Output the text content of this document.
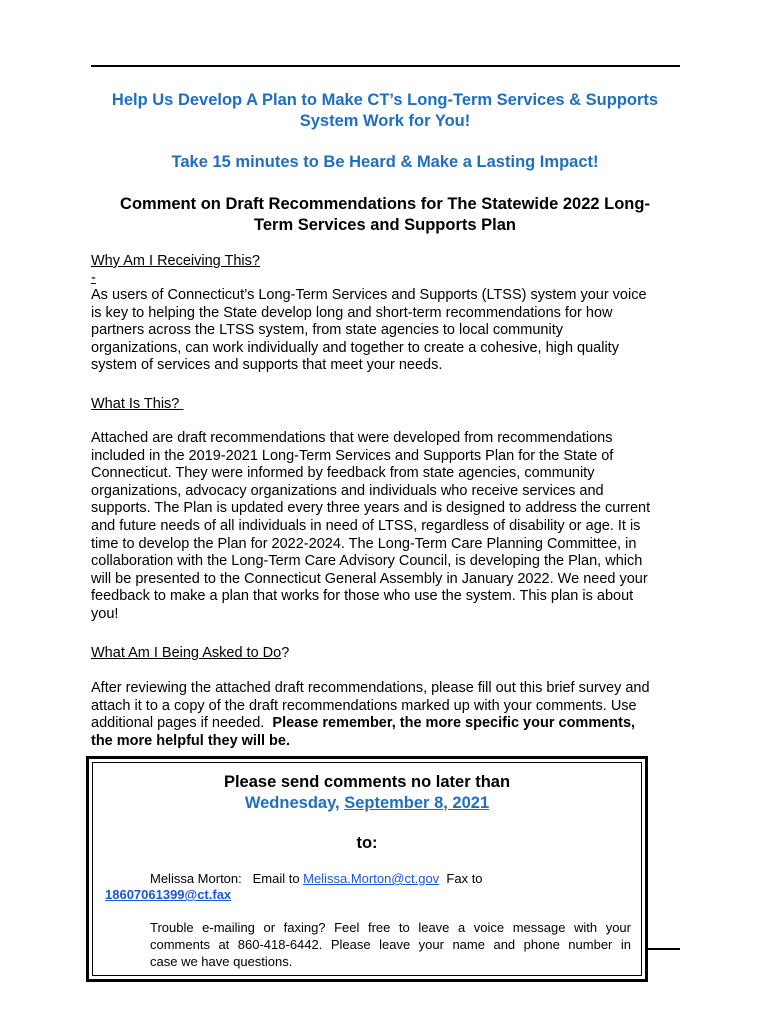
Help Us Develop A Plan to Make CT’s Long-Term Services & Supports
System Work for You!
Take 15 minutes to Be Heard & Make a Lasting Impact!
Comment on Draft Recommendations for The Statewide 2022 Long-
Term Services and Supports Plan
Why Am I Receiving This?
-
As users of Connecticut’s Long-Term Services and Supports (LTSS) system your voice
is key to helping the State develop long and short-term recommendations for how
partners across the LTSS system, from state agencies to local community
organizations, can work individually and together to create a cohesive, high quality
system of services and supports that meet your needs.
What Is This?
Attached are draft recommendations that were developed from recommendations
included in the 2019-2021 Long-Term Services and Supports Plan for the State of
Connecticut. They were informed by feedback from state agencies, community
organizations, advocacy organizations and individuals who receive services and
supports. The Plan is updated every three years and is designed to address the current
and future needs of all individuals in need of LTSS, regardless of disability or age. It is
time to develop the Plan for 2022-2024. The Long-Term Care Planning Committee, in
collaboration with the Long-Term Care Advisory Council, is developing the Plan, which
will be presented to the Connecticut General Assembly in January 2022. We need your
feedback to make a plan that works for those who use the system. This plan is about
you!
What Am I Being Asked to Do?
After reviewing the attached draft recommendations, please fill out this brief survey and
attach it to a copy of the draft recommendations marked up with your comments. Use
additional pages if needed.  Please remember, the more specific your comments,
the more helpful they will be.
Please send comments no later than
Wednesday, September 8, 2021
to:
Melissa Morton:   Email to Melissa.Morton@ct.gov  Fax to
18607061399@ct.fax
Trouble e-mailing or faxing? Feel free to leave a voice message with your
comments at 860-418-6442. Please leave your name and phone number in
case we have questions.
